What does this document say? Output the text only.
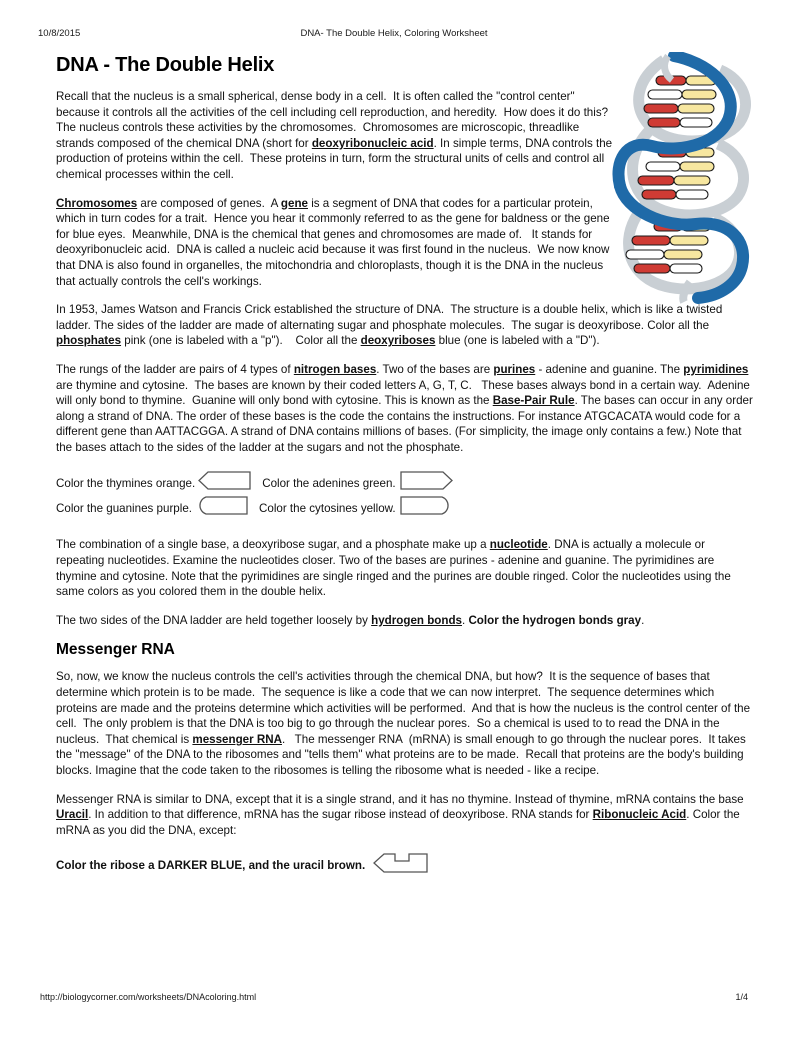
10/8/2015	DNA- The Double Helix, Coloring Worksheet
DNA - The Double Helix

Recall that the nucleus is a small spherical, dense body in a cell.  It is often called the "control center" because it controls all the activities of the cell including cell reproduction, and heredity.  How does it do this?  The nucleus controls these activities by the chromosomes.  Chromosomes are microscopic, threadlike strands composed of the chemical DNA (short for deoxyribonucleic acid. In simple terms, DNA controls the production of proteins within the cell.  These proteins in turn, form the structural units of cells and control all chemical processes within the cell.

Chromosomes are composed of genes.  A gene is a segment of DNA that codes for a particular protein, which in turn codes for a trait.  Hence you hear it commonly referred to as the gene for baldness or the gene for blue eyes.  Meanwhile, DNA is the chemical that genes and chromosomes are made of.   It stands for deoxyribonucleic acid.  DNA is called a nucleic acid because it was first found in the nucleus.  We now know that DNA is also found in organelles, the mitochondria and chloroplasts, though it is the DNA in the nucleus that actually controls the cell's workings.

In 1953, James Watson and Francis Crick established the structure of DNA.  The structure is a double helix, which is like a twisted ladder. The sides of the ladder are made of alternating sugar and phosphate molecules.  The sugar is deoxyribose. Color all the phosphates pink (one is labeled with a "p").    Color all the deoxyriboses blue (one is labeled with a "D").

The rungs of the ladder are pairs of 4 types of nitrogen bases. Two of the bases are purines - adenine and guanine. The pyrimidines are thymine and cytosine.  The bases are known by their coded letters A, G, T, C.   These bases always bond in a certain way.  Adenine will only bond to thymine.  Guanine will only bond with cytosine. This is known as the Base-Pair Rule. The bases can occur in any order along a strand of DNA. The order of these bases is the code the contains the instructions. For instance ATGCACATA would code for a different gene than AATTACGGA. A strand of DNA contains millions of bases. (For simplicity, the image only contains a few.) Note that the bases attach to the sides of the ladder at the sugars and not the phosphate.

Color the thymines orange.	Color the adenines green.
Color the guanines purple.	Color the cytosines yellow.

The combination of a single base, a deoxyribose sugar, and a phosphate make up a nucleotide. DNA is actually a molecule or repeating nucleotides. Examine the nucleotides closer. Two of the bases are purines - adenine and guanine. The pyrimidines are thymine and cytosine. Note that the pyrimidines are single ringed and the purines are double ringed. Color the nucleotides using the same colors as you colored them in the double helix.

The two sides of the DNA ladder are held together loosely by hydrogen bonds. Color the hydrogen bonds gray.

Messenger RNA

So, now, we know the nucleus controls the cell's activities through the chemical DNA, but how?  It is the sequence of bases that determine which protein is to be made.  The sequence is like a code that we can now interpret.  The sequence determines which proteins are made and the proteins determine which activities will be performed.  And that is how the nucleus is the control center of the cell.  The only problem is that the DNA is too big to go through the nuclear pores.  So a chemical is used to to read the DNA in the nucleus.  That chemical is messenger RNA.   The messenger RNA  (mRNA) is small enough to go through the nuclear pores.  It takes the "message" of the DNA to the ribosomes and "tells them" what proteins are to be made.  Recall that proteins are the body's building blocks. Imagine that the code taken to the ribosomes is telling the ribosome what is needed - like a recipe.

Messenger RNA is similar to DNA, except that it is a single strand, and it has no thymine. Instead of thymine, mRNA contains the base Uracil. In addition to that difference, mRNA has the sugar ribose instead of deoxyribose. RNA stands for Ribonucleic Acid. Color the mRNA as you did the DNA, except:

Color the ribose a DARKER BLUE, and the uracil brown.
http://biologycorner.com/worksheets/DNAcoloring.html	1/4
